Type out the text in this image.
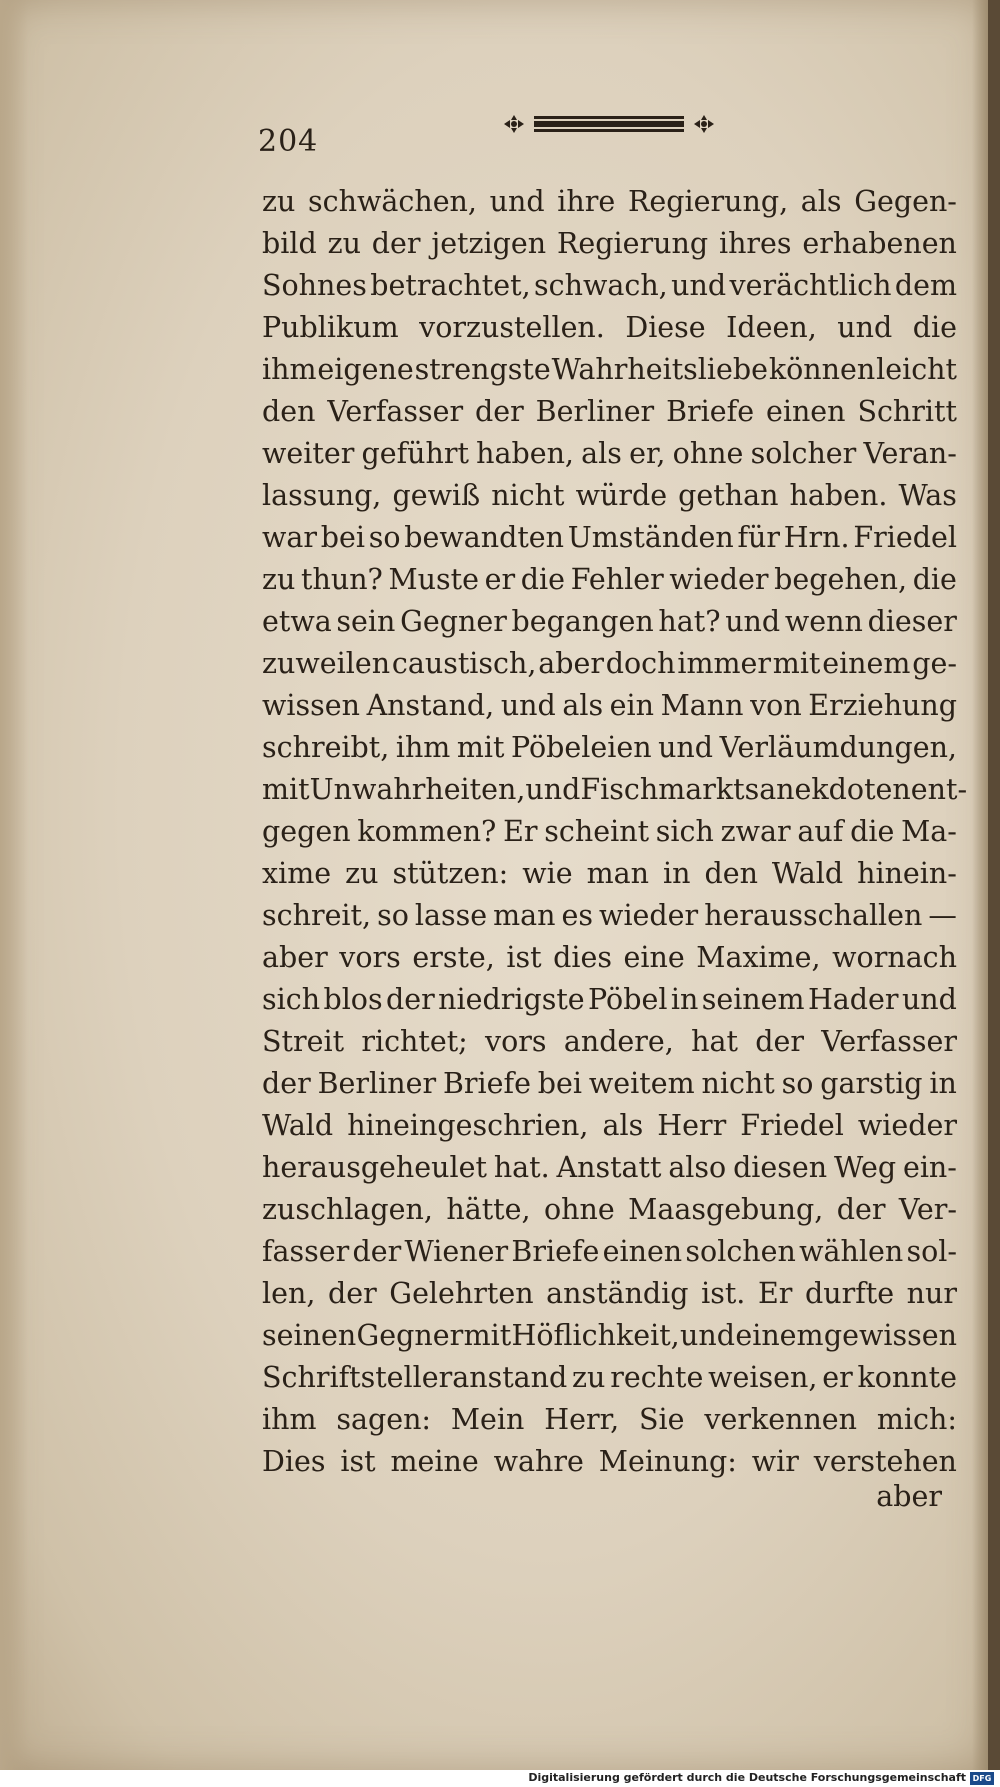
204
zu schwächen, und ihre Regierung, als Gegen-
bild zu der jetzigen Regierung ihres erhabenen
Sohnes betrachtet, schwach, und verächtlich dem
Publikum vorzustellen. Diese Ideen, und die
ihm eigene strengste Wahrheitsliebe können leicht
den Verfasser der Berliner Briefe einen Schritt
weiter geführt haben, als er, ohne solcher Veran-
lassung, gewiß nicht würde gethan haben. Was
war bei so bewandten Umständen für Hrn. Friedel
zu thun? Muste er die Fehler wieder begehen, die
etwa sein Gegner begangen hat? und wenn dieser
zuweilen caustisch, aber doch immer mit einem ge-
wissen Anstand, und als ein Mann von Erziehung
schreibt, ihm mit Pöbeleien und Verläumdungen,
mit Unwahrheiten, und Fischmarktsanekdoten ent-
gegen kommen? Er scheint sich zwar auf die Ma-
xime zu stützen: wie man in den Wald hinein-
schreit, so lasse man es wieder herausschallen —
aber vors erste, ist dies eine Maxime, wornach
sich blos der niedrigste Pöbel in seinem Hader und
Streit richtet; vors andere, hat der Verfasser
der Berliner Briefe bei weitem nicht so garstig in
Wald hineingeschrien, als Herr Friedel wieder
herausgeheulet hat. Anstatt also diesen Weg ein-
zuschlagen, hätte, ohne Maasgebung, der Ver-
fasser der Wiener Briefe einen solchen wählen sol-
len, der Gelehrten anständig ist. Er durfte nur
seinen Gegner mit Höflichkeit, und einem gewissen
Schriftstelleranstand zu rechte weisen, er konnte
ihm sagen: Mein Herr, Sie verkennen mich:
Dies ist meine wahre Meinung: wir verstehen
aber
Digitalisierung gefördert durch die Deutsche Forschungsgemeinschaft DFG
